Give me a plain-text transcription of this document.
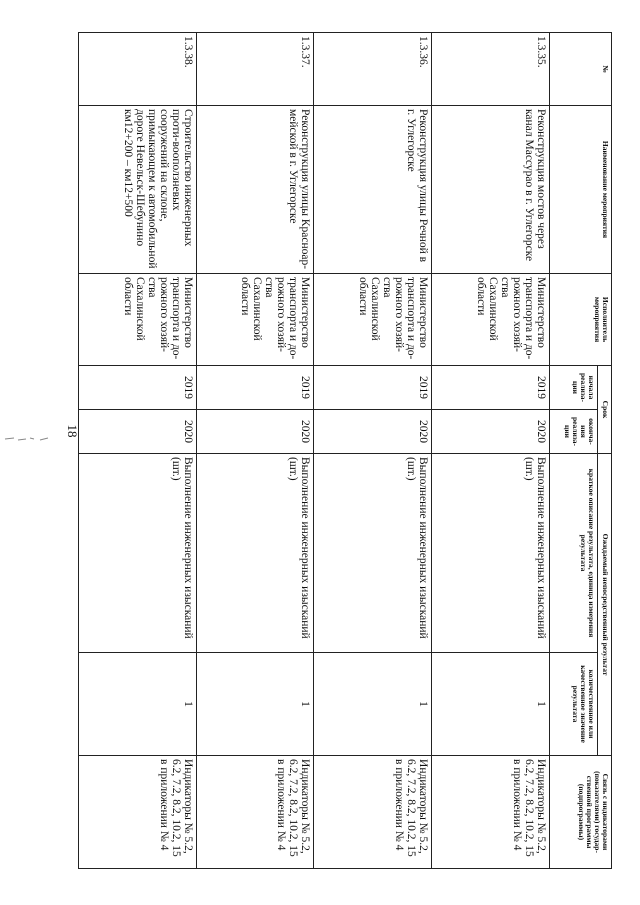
18
№	Наименование мероприятия	Исполнитель мероприятия	Срок		Ожидаемый непосредственный результат		Связь с индикаторами (показателями) государ-ственной программы (подпрограммы)
			начала реализа-ции	оконча-ния реализа-ции	краткое описание результата, единица измерения результата	количественное или качественное значение результата	
1.3.35.	Реконструкция мостов через канал Массурао в г. Углегорске	Министерство транспорта и до-рожного хозяй-ства Сахалинской области	2019	2020	Выполнение инженерных изысканий (шт.)	1	Индикаторы № 5.2, 6.2, 7.2, 8.2, 10.2, 15 в приложении № 4
1.3.36.	Реконструкция улицы Речной в г. Углегорске	Министерство транспорта и до-рожного хозяй-ства Сахалинской области	2019	2020	Выполнение инженерных изысканий (шт.)	1	Индикаторы № 5.2, 6.2, 7.2, 8.2, 10.2, 15 в приложении № 4
1.3.37.	Реконструкция улицы Красноар-мейской в г. Углегорске	Министерство транспорта и до-рожного хозяй-ства Сахалинской области	2019	2020	Выполнение инженерных изысканий (шт.)	1	Индикаторы № 5.2, 6.2, 7.2, 8.2, 10.2, 15 в приложении № 4
1.3.38.	Строительство инженерных проти-вооползневых сооружений на склоне, примыкающем к автомобильной дороге Невельск-Шебунино км12+200 – км12+500	Министерство транспорта и до-рожного хозяй-ства Сахалинской области	2019	2020	Выполнение инженерных изысканий (шт.)	1	Индикаторы № 5.2, 6.2, 7.2, 8.2, 10.2, 15 в приложении № 4
